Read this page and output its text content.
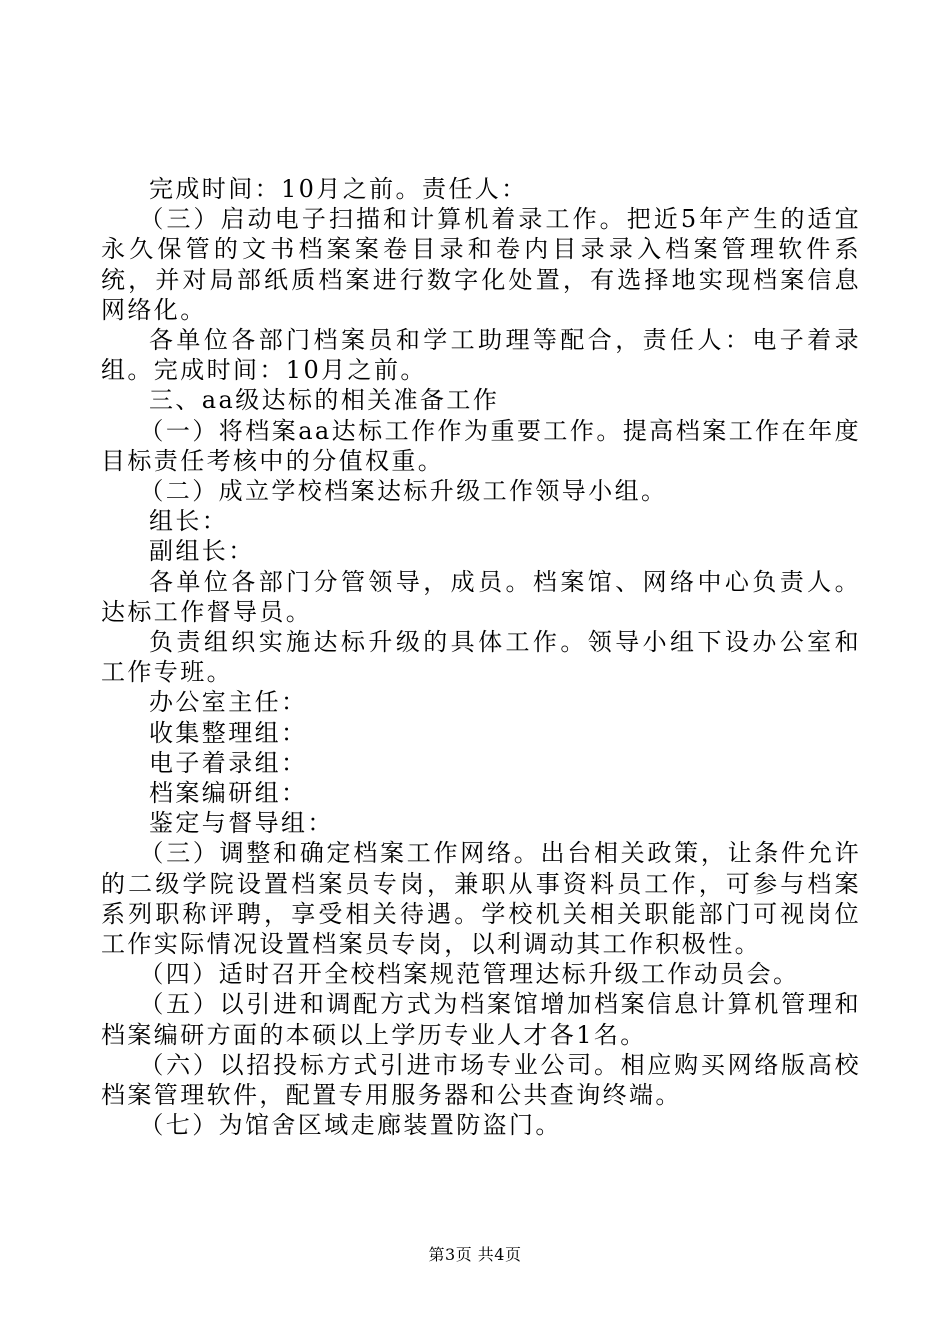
完成时间：10月之前。责任人：

（三）启动电子扫描和计算机着录工作。把近5年产生的适宜永久保管的文书档案案卷目录和卷内目录录入档案管理软件系统，并对局部纸质档案进行数字化处置，有选择地实现档案信息网络化。

各单位各部门档案员和学工助理等配合，责任人：电子着录组。完成时间：10月之前。

三、aa级达标的相关准备工作

（一）将档案aa达标工作作为重要工作。提高档案工作在年度目标责任考核中的分值权重。

（二）成立学校档案达标升级工作领导小组。

组长：

副组长：

各单位各部门分管领导，成员。档案馆、网络中心负责人。达标工作督导员。

负责组织实施达标升级的具体工作。领导小组下设办公室和工作专班。

办公室主任：

收集整理组：

电子着录组：

档案编研组：

鉴定与督导组：

（三）调整和确定档案工作网络。出台相关政策，让条件允许的二级学院设置档案员专岗，兼职从事资料员工作，可参与档案系列职称评聘，享受相关待遇。学校机关相关职能部门可视岗位工作实际情况设置档案员专岗，以利调动其工作积极性。

（四）适时召开全校档案规范管理达标升级工作动员会。

（五）以引进和调配方式为档案馆增加档案信息计算机管理和档案编研方面的本硕以上学历专业人才各1名。

（六）以招投标方式引进市场专业公司。相应购买网络版高校档案管理软件，配置专用服务器和公共查询终端。

（七）为馆舍区域走廊装置防盗门。

第3页 共4页
